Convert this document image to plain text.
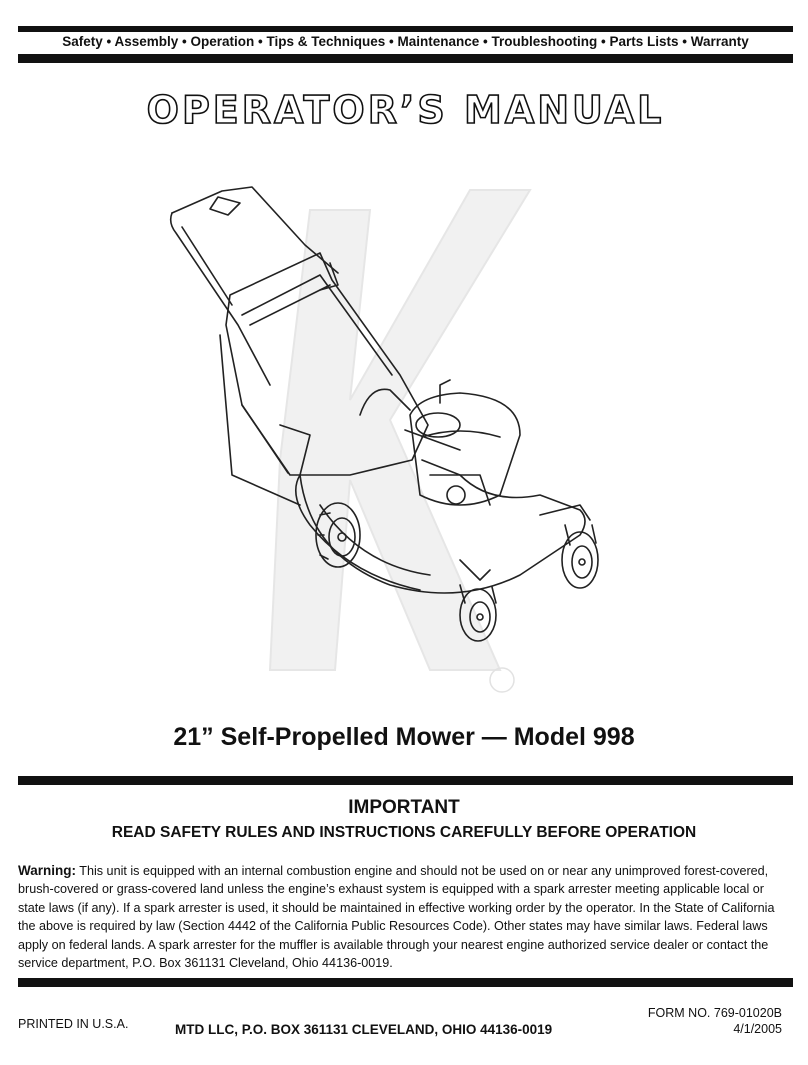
Safety • Assembly • Operation • Tips & Techniques • Maintenance • Troubleshooting • Parts Lists • Warranty
OPERATOR’S MANUAL
21” Self-Propelled Mower — Model 998
IMPORTANT
READ SAFETY RULES AND INSTRUCTIONS CAREFULLY BEFORE OPERATION
Warning: This unit is equipped with an internal combustion engine and should not be used on or near any unimproved forest-covered, brush-covered or grass-covered land unless the engine’s exhaust system is equipped with a spark arrester meeting applicable local or state laws (if any). If a spark arrester is used, it should be maintained in effective working order by the operator. In the State of California the above is required by law (Section 4442 of the California Public Resources Code). Other states may have similar laws. Federal laws apply on federal lands. A spark arrester for the muffler is available through your nearest engine authorized service dealer or contact the service department, P.O. Box 361131 Cleveland, Ohio 44136-0019.
PRINTED IN U.S.A.	MTD LLC, P.O. BOX 361131 CLEVELAND, OHIO 44136-0019
FORM NO. 769-01020B
4/1/2005
